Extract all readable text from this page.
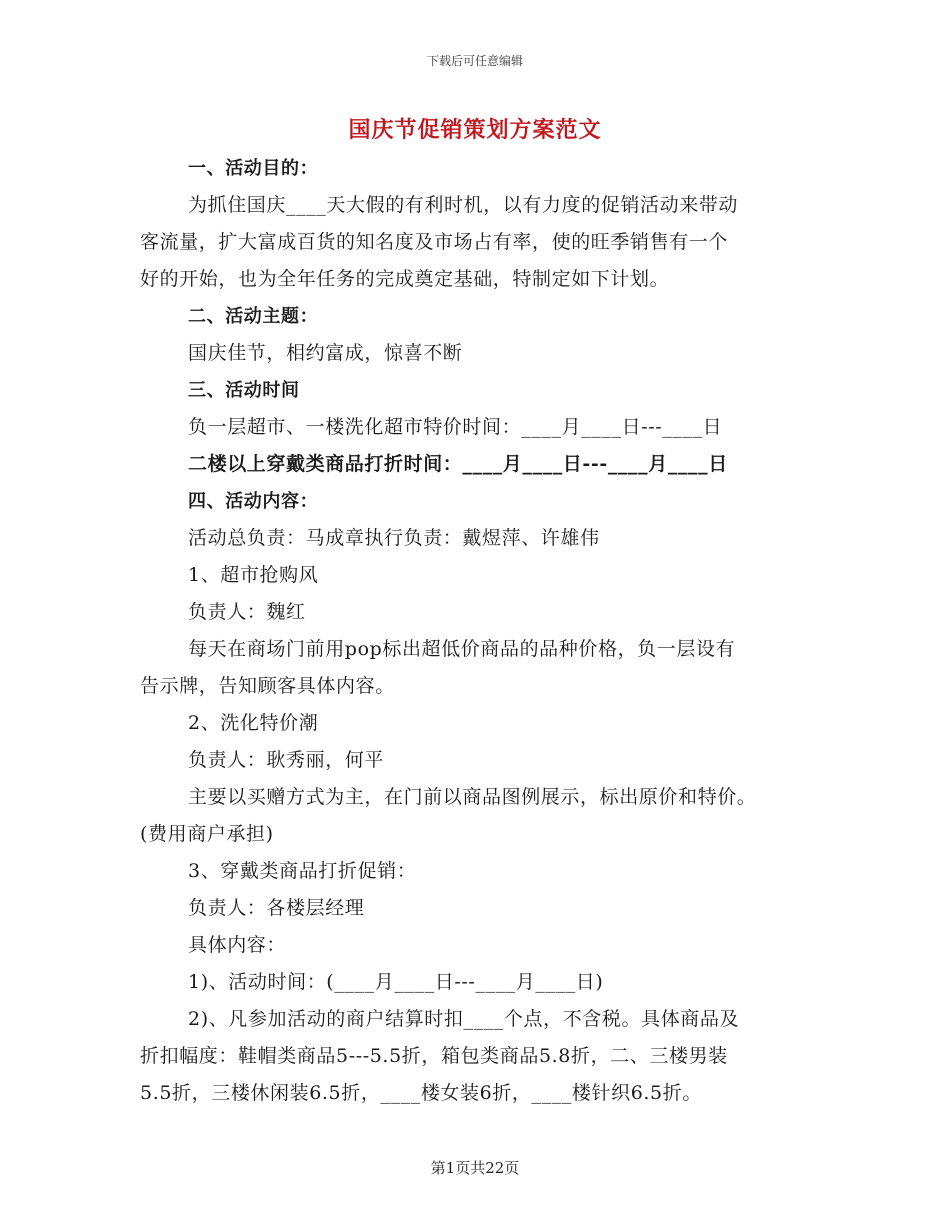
下载后可任意编辑
国庆节促销策划方案范文
一、活动目的：
为抓住国庆____天大假的有利时机，以有力度的促销活动来带动
客流量，扩大富成百货的知名度及市场占有率，使的旺季销售有一个
好的开始，也为全年任务的完成奠定基础，特制定如下计划。
二、活动主题：
国庆佳节，相约富成，惊喜不断
三、活动时间
负一层超市、一楼洗化超市特价时间：____月____日---____日
二楼以上穿戴类商品打折时间：____月____日---____月____日
四、活动内容：
活动总负责：马成章执行负责：戴煜萍、许雄伟
1、超市抢购风
负责人：魏红
每天在商场门前用pop标出超低价商品的品种价格，负一层设有
告示牌，告知顾客具体内容。
2、洗化特价潮
负责人：耿秀丽，何平
主要以买赠方式为主，在门前以商品图例展示，标出原价和特价。
(费用商户承担)
3、穿戴类商品打折促销：
负责人：各楼层经理
具体内容：
1)、活动时间：(____月____日---____月____日)
2)、凡参加活动的商户结算时扣____个点，不含税。具体商品及
折扣幅度：鞋帽类商品5---5.5折，箱包类商品5.8折，二、三楼男装
5.5折，三楼休闲装6.5折，____楼女装6折，____楼针织6.5折。
第1页共22页
